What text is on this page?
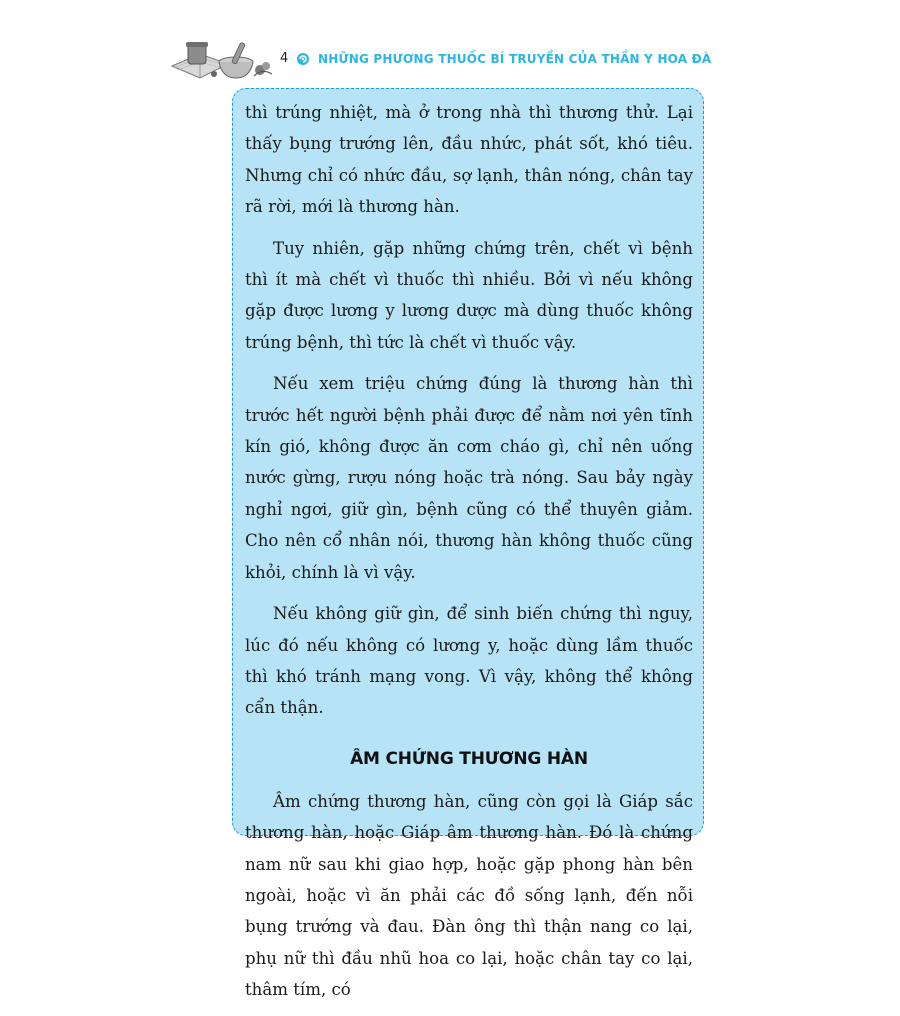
4 NHỮNG PHƯƠNG THUỐC BÍ TRUYỀN CỦA THẦN Y HOA ĐÀ

thì trúng nhiệt, mà ở trong nhà thì thương thử. Lại thấy bụng trướng lên, đầu nhức, phát sốt, khó tiêu. Nhưng chỉ có nhức đầu, sợ lạnh, thân nóng, chân tay rã rời, mới là thương hàn.

Tuy nhiên, gặp những chứng trên, chết vì bệnh thì ít mà chết vì thuốc thì nhiều. Bởi vì nếu không gặp được lương y lương dược mà dùng thuốc không trúng bệnh, thì tức là chết vì thuốc vậy.

Nếu xem triệu chứng đúng là thương hàn thì trước hết người bệnh phải được để nằm nơi yên tĩnh kín gió, không được ăn cơm cháo gì, chỉ nên uống nước gừng, rượu nóng hoặc trà nóng. Sau bảy ngày nghỉ ngơi, giữ gìn, bệnh cũng có thể thuyên giảm. Cho nên cổ nhân nói, thương hàn không thuốc cũng khỏi, chính là vì vậy.

Nếu không giữ gìn, để sinh biến chứng thì nguy, lúc đó nếu không có lương y, hoặc dùng lầm thuốc thì khó tránh mạng vong. Vì vậy, không thể không cẩn thận.

ÂM CHỨNG THƯƠNG HÀN

Âm chứng thương hàn, cũng còn gọi là Giáp sắc thương hàn, hoặc Giáp âm thương hàn. Đó là chứng nam nữ sau khi giao hợp, hoặc gặp phong hàn bên ngoài, hoặc vì ăn phải các đồ sống lạnh, đến nỗi bụng trướng và đau. Đàn ông thì thận nang co lại, phụ nữ thì đầu nhũ hoa co lại, hoặc chân tay co lại, thâm tím, có
